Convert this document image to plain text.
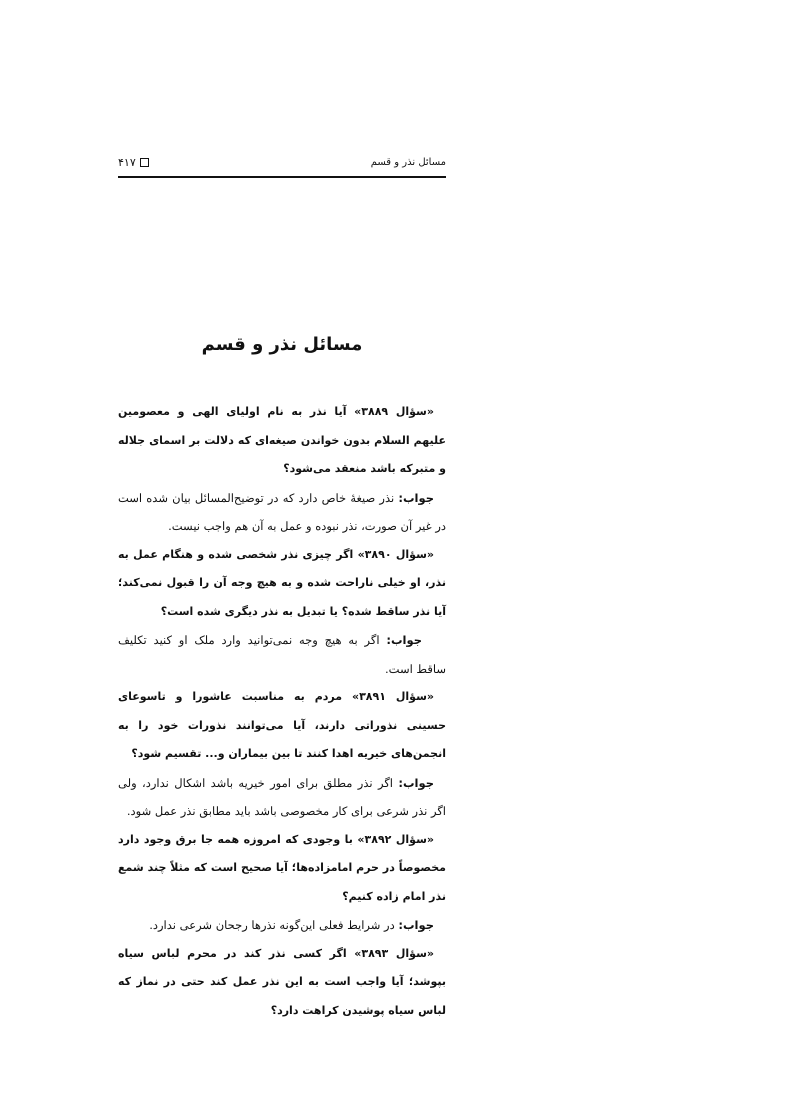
مسائل نذر و قسم
۴۱۷
مسائل نذر و قسم

«سؤال ۳۸۸۹» آیا نذر به نام اولیای الهی و معصومین علیهم السلام بدون خواندن صیغه‌ای که دلالت بر اسمای جلاله و متبرکه باشد منعقد می‌شود؟

جواب: نذر صیغهٔ خاص دارد که در توضیح‌المسائل بیان شده است در غیر آن صورت، نذر نبوده و عمل به آن هم واجب نیست.

«سؤال ۳۸۹۰» اگر چیزی نذر شخصی شده و هنگام عمل به نذر، او خیلی ناراحت شده و به هیچ وجه آن را قبول نمی‌کند؛ آیا نذر ساقط شده؟ یا تبدیل به نذر دیگری شده است؟

جواب: اگر به هیچ وجه نمی‌توانید وارد ملک او کنید تکلیف ساقط است.

«سؤال ۳۸۹۱» مردم به مناسبت عاشورا و تاسوعای حسینی نذوراتی دارند، آیا می‌توانند نذورات خود را به انجمن‌های خیریه اهدا کنند تا بین بیماران و... تقسیم شود؟

جواب: اگر نذر مطلق برای امور خیریه باشد اشکال ندارد، ولی اگر نذر شرعی برای کار مخصوصی باشد باید مطابق نذر عمل شود.

«سؤال ۳۸۹۲» با وجودی که امروزه همه جا برق وجود دارد مخصوصاً در حرم امامزاده‌ها؛ آیا صحیح است که مثلاً چند شمع نذر امام زاده کنیم؟

جواب: در شرایط فعلی این‌گونه نذرها رجحان شرعی ندارد.

«سؤال ۳۸۹۳» اگر کسی نذر کند در محرم لباس سیاه بپوشد؛ آیا واجب است به این نذر عمل کند حتی در نماز که لباس سیاه پوشیدن کراهت دارد؟
